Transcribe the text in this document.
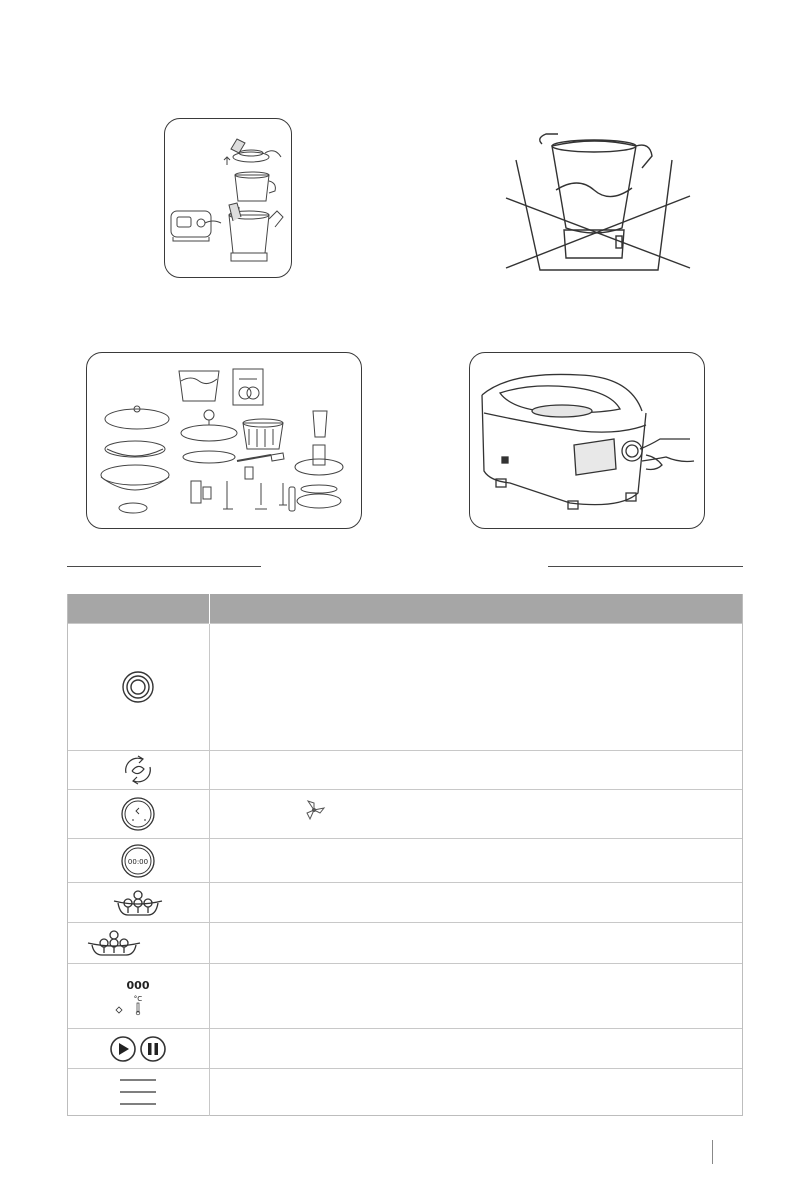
00:00	

000
°C	
